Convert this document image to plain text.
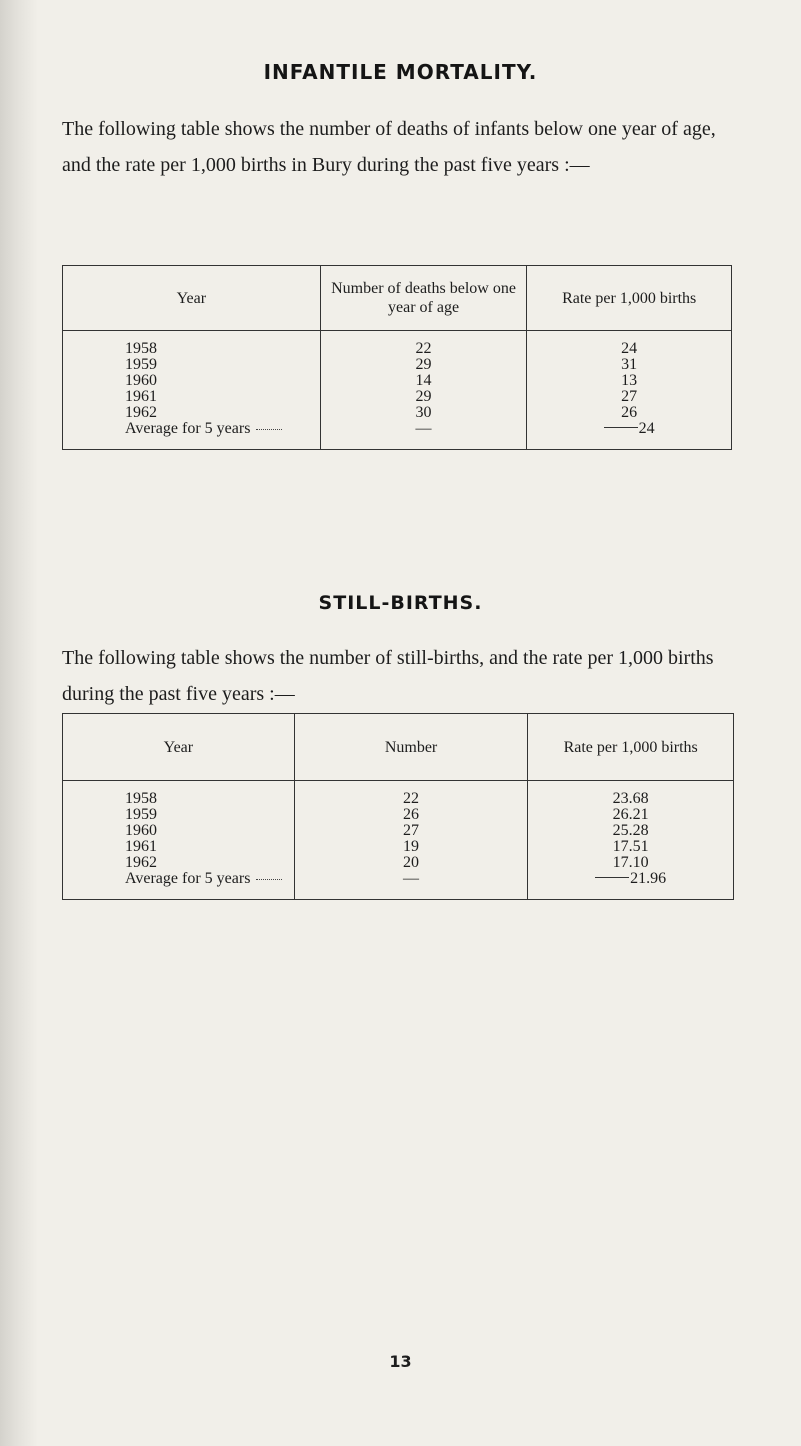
INFANTILE MORTALITY.

The following table shows the number of deaths of infants below one year of age, and the rate per 1,000 births in Bury during the past five years :—

Year	Number of deaths below one year of age	Rate per 1,000 births
1958	22	24
1959	29	31
1960	14	13
1961	29	27
1962	30	26
Average for 5 years	—	24
STILL-BIRTHS.

The following table shows the number of still-births, and the rate per 1,000 births during the past five years :—

Year	Number	Rate per 1,000 births
1958	22	23.68
1959	26	26.21
1960	27	25.28
1961	19	17.51
1962	20	17.10
Average for 5 years	—	21.96
13
